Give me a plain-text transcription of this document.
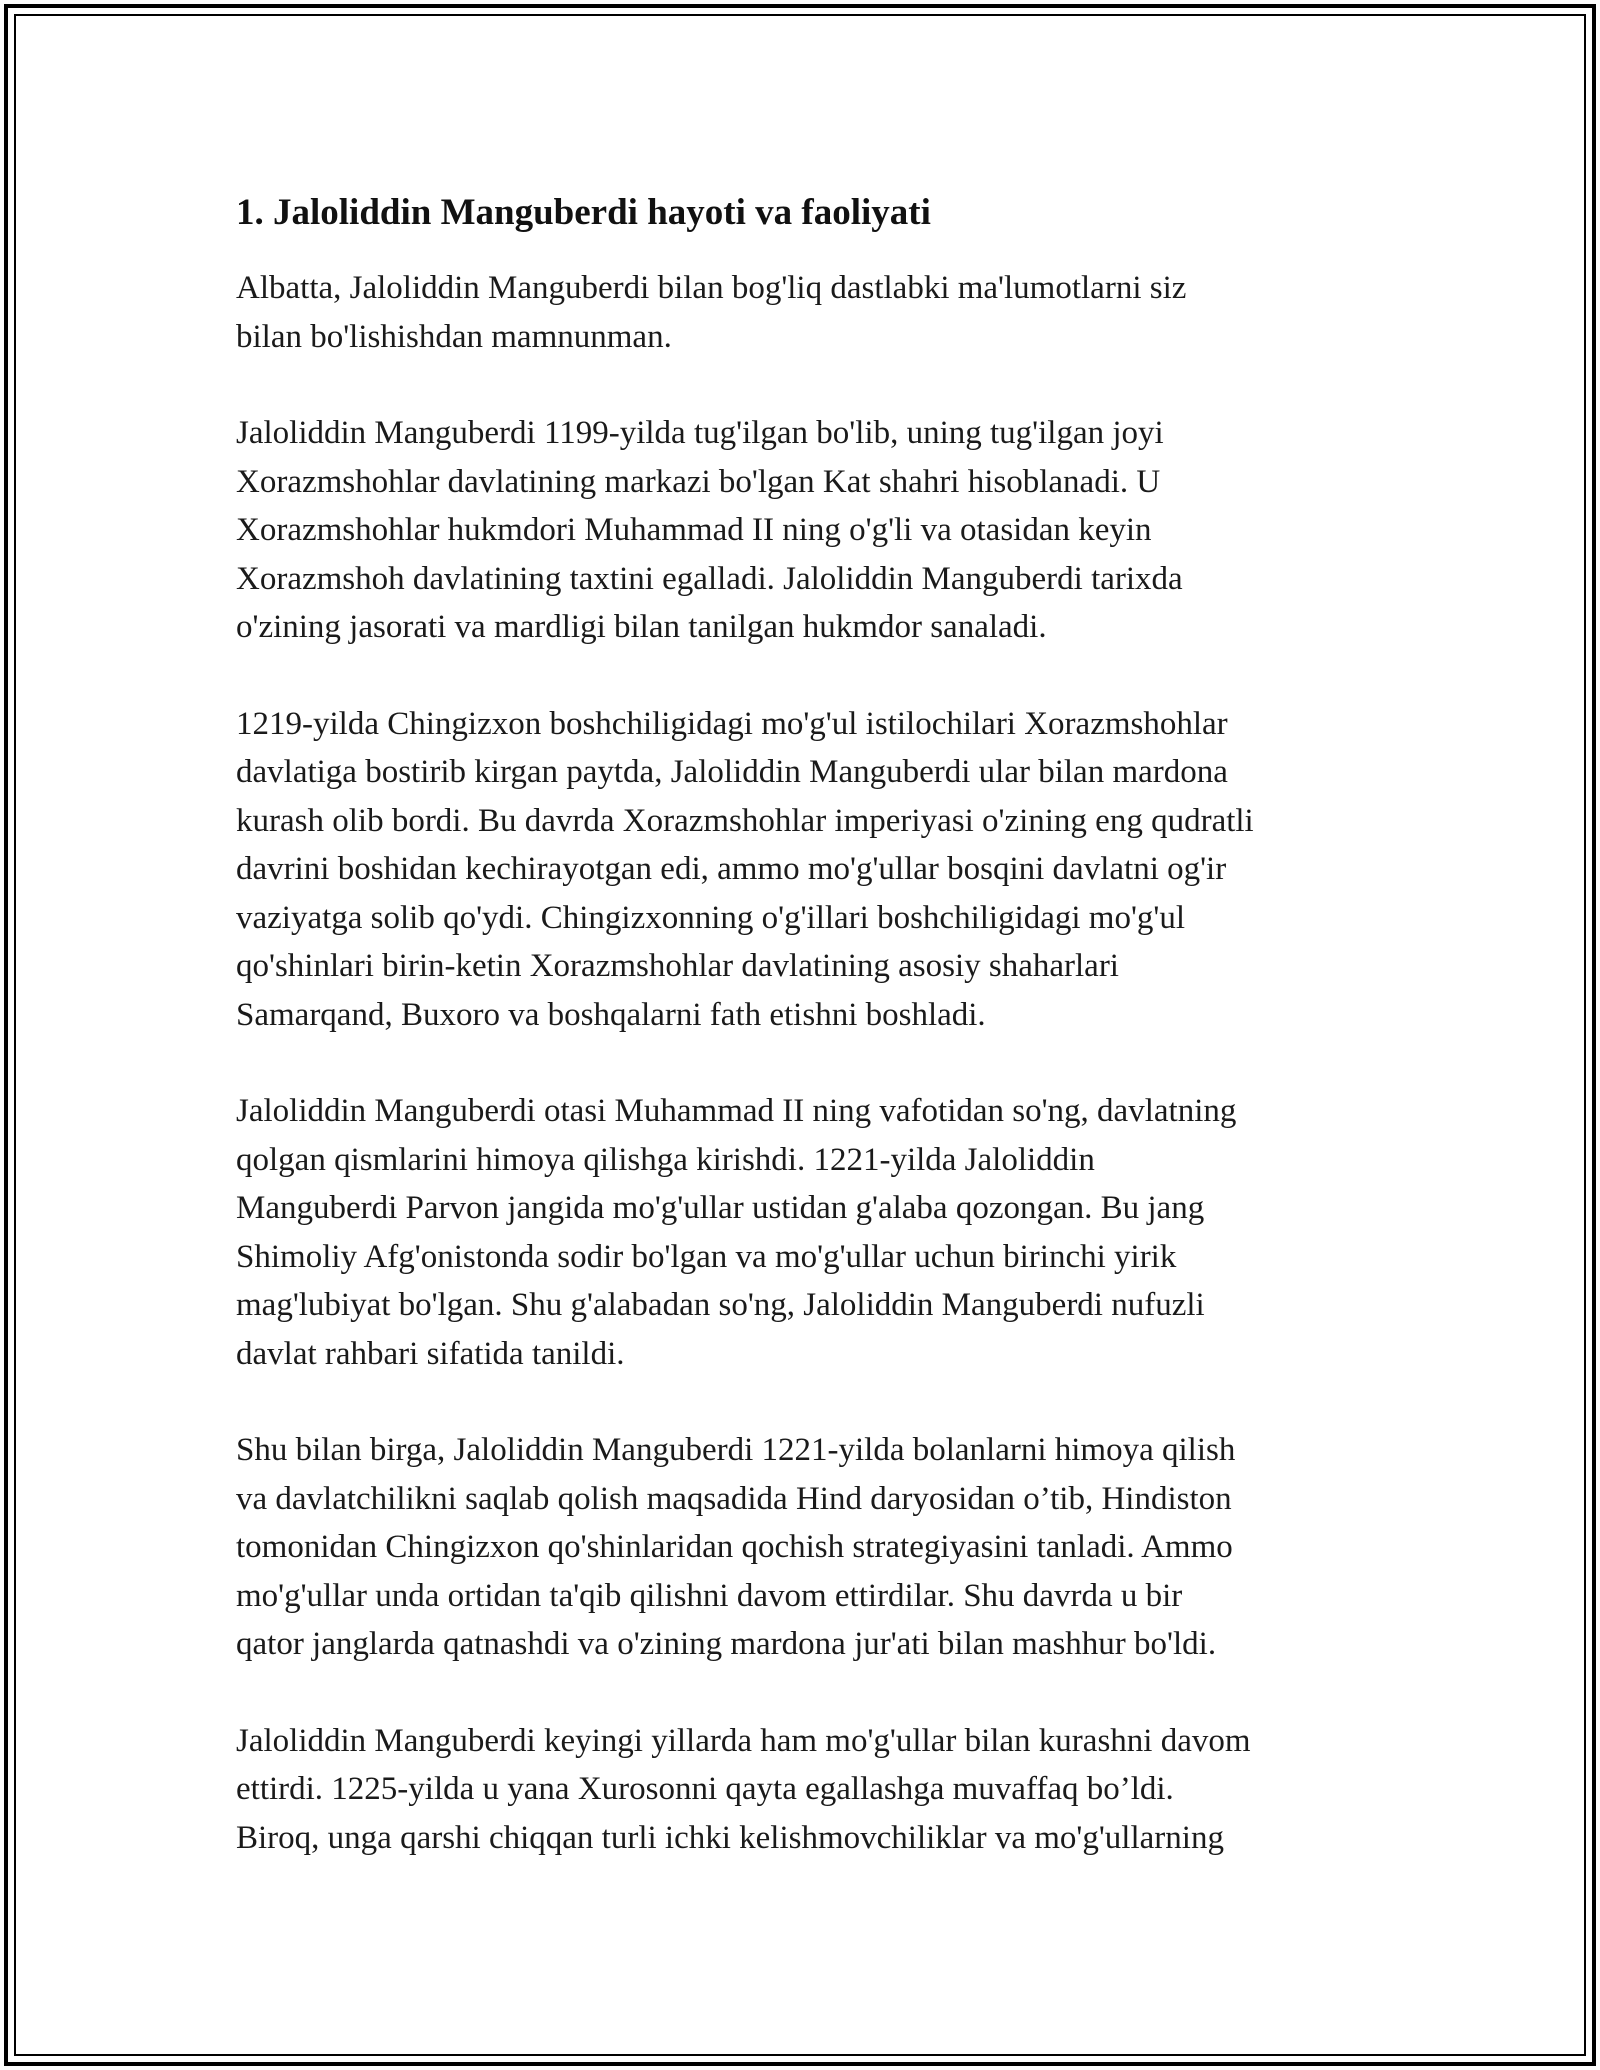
1. Jaloliddin Manguberdi hayoti va faoliyati

Albatta, Jaloliddin Manguberdi bilan bog'liq dastlabki ma'lumotlarni siz
bilan bo'lishishdan mamnunman.

Jaloliddin Manguberdi 1199-yilda tug'ilgan bo'lib, uning tug'ilgan joyi
Xorazmshohlar davlatining markazi bo'lgan Kat shahri hisoblanadi. U
Xorazmshohlar hukmdori Muhammad II ning o'g'li va otasidan keyin
Xorazmshoh davlatining taxtini egalladi. Jaloliddin Manguberdi tarixda
o'zining jasorati va mardligi bilan tanilgan hukmdor sanaladi.

1219-yilda Chingizxon boshchiligidagi mo'g'ul istilochilari Xorazmshohlar
davlatiga bostirib kirgan paytda, Jaloliddin Manguberdi ular bilan mardona
kurash olib bordi. Bu davrda Xorazmshohlar imperiyasi o'zining eng qudratli
davrini boshidan kechirayotgan edi, ammo mo'g'ullar bosqini davlatni og'ir
vaziyatga solib qo'ydi. Chingizxonning o'g'illari boshchiligidagi mo'g'ul
qo'shinlari birin-ketin Xorazmshohlar davlatining asosiy shaharlari
Samarqand, Buxoro va boshqalarni fath etishni boshladi.

Jaloliddin Manguberdi otasi Muhammad II ning vafotidan so'ng, davlatning
qolgan qismlarini himoya qilishga kirishdi. 1221-yilda Jaloliddin
Manguberdi Parvon jangida mo'g'ullar ustidan g'alaba qozongan. Bu jang
Shimoliy Afg'onistonda sodir bo'lgan va mo'g'ullar uchun birinchi yirik
mag'lubiyat bo'lgan. Shu g'alabadan so'ng, Jaloliddin Manguberdi nufuzli
davlat rahbari sifatida tanildi.

Shu bilan birga, Jaloliddin Manguberdi 1221-yilda bolanlarni himoya qilish
va davlatchilikni saqlab qolish maqsadida Hind daryosidan o’tib, Hindiston
tomonidan Chingizxon qo'shinlaridan qochish strategiyasini tanladi. Ammo
mo'g'ullar unda ortidan ta'qib qilishni davom ettirdilar. Shu davrda u bir
qator janglarda qatnashdi va o'zining mardona jur'ati bilan mashhur bo'ldi.

Jaloliddin Manguberdi keyingi yillarda ham mo'g'ullar bilan kurashni davom
ettirdi. 1225-yilda u yana Xurosonni qayta egallashga muvaffaq bo’ldi.
Biroq, unga qarshi chiqqan turli ichki kelishmovchiliklar va mo'g'ullarning
